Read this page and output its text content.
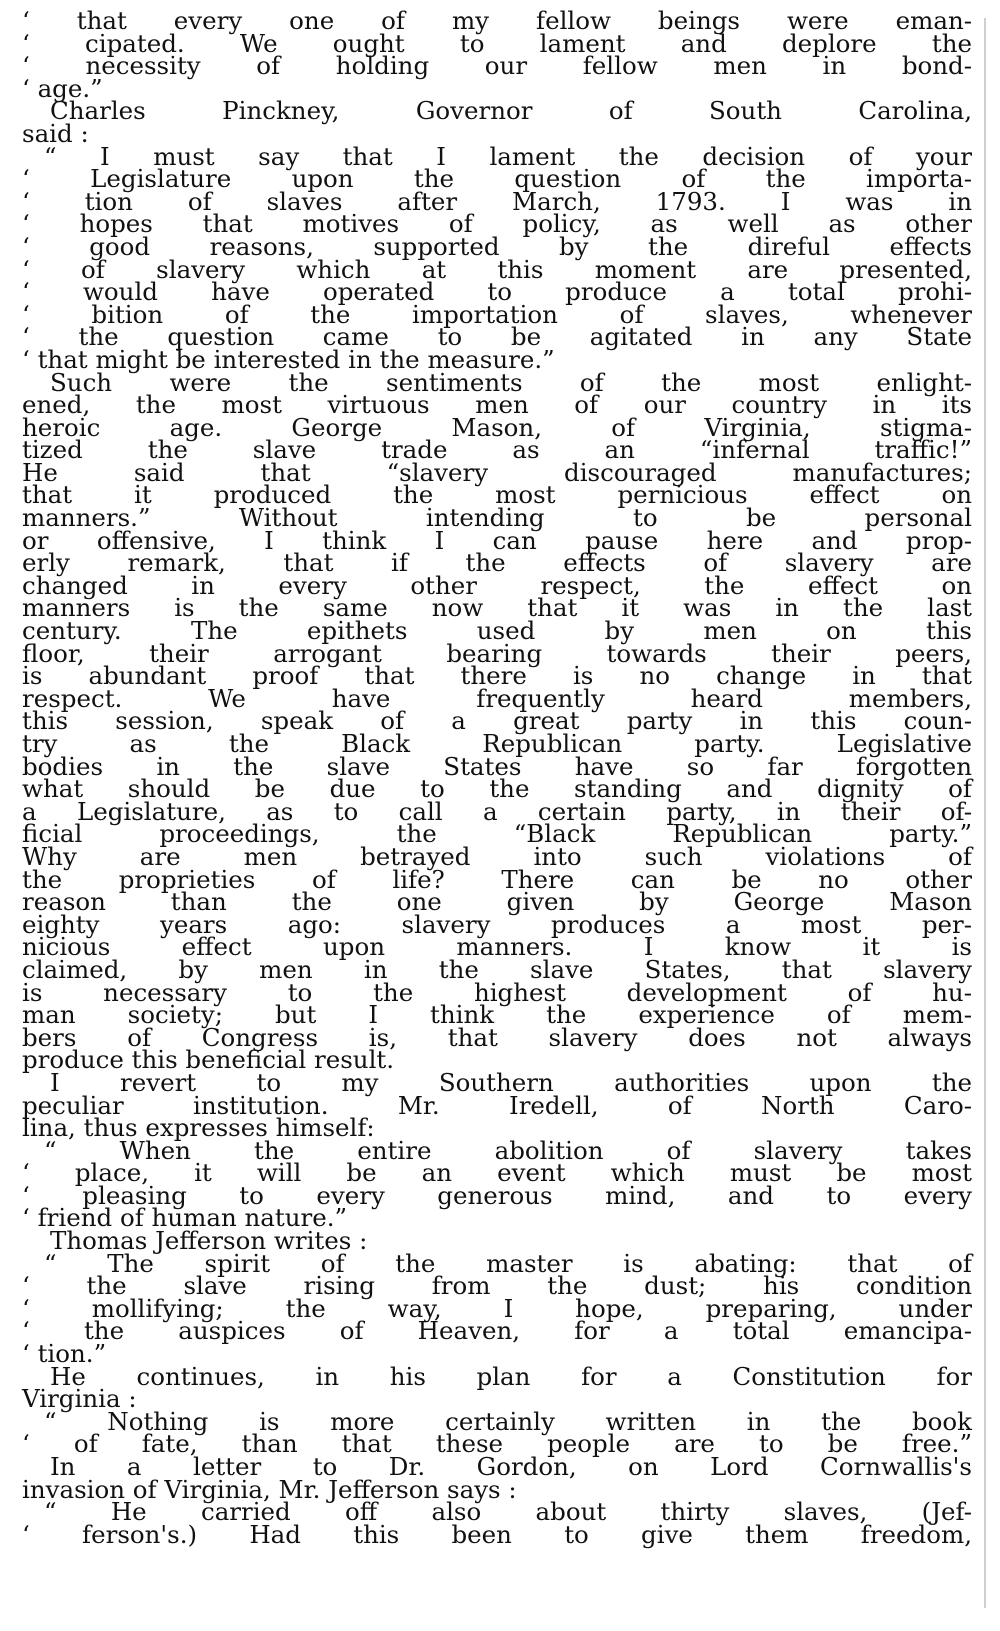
‘ that every one of my fellow beings were eman-
‘ cipated. We ought to lament and deplore the
‘ necessity of holding our fellow men in bond-
‘ age.”
Charles Pinckney, Governor of South Carolina,
said :
“ I must say that I lament the decision of your
‘ Legislature upon the question of the importa-
‘ tion of slaves after March, 1793. I was in
‘ hopes that motives of policy, as well as other
‘ good reasons, supported by the direful effects
‘ of slavery which at this moment are presented,
‘ would have operated to produce a total prohi-
‘ bition of the importation of slaves, whenever
‘ the question came to be agitated in any State
‘ that might be interested in the measure.”
Such were the sentiments of the most enlight-
ened, the most virtuous men of our country in its
heroic age. George Mason, of Virginia, stigma-
tized the slave trade as an “infernal traffic!”
He said that “slavery discouraged manufactures;
that it produced the most pernicious effect on
manners.” Without intending to be personal
or offensive, I think I can pause here and prop-
erly remark, that if the effects of slavery are
changed in every other respect, the effect on
manners is the same now that it was in the last
century. The epithets used by men on this
floor, their arrogant bearing towards their peers,
is abundant proof that there is no change in that
respect. We have frequently heard members,
this session, speak of a great party in this coun-
try as the Black Republican party. Legislative
bodies in the slave States have so far forgotten
what should be due to the standing and dignity of
a Legislature, as to call a certain party, in their of-
ficial proceedings, the “Black Republican party.”
Why are men betrayed into such violations of
the proprieties of life? There can be no other
reason than the one given by George Mason
eighty years ago: slavery produces a most per-
nicious effect upon manners. I know it is
claimed, by men in the slave States, that slavery
is necessary to the highest development of hu-
man society; but I think the experience of mem-
bers of Congress is, that slavery does not always
produce this beneficial result.
I revert to my Southern authorities upon the
peculiar institution. Mr. Iredell, of North Caro-
lina, thus expresses himself:
“ When the entire abolition of slavery takes
‘ place, it will be an event which must be most
‘ pleasing to every generous mind, and to every
‘ friend of human nature.”
Thomas Jefferson writes :
“ The spirit of the master is abating: that of
‘ the slave rising from the dust; his condition
‘ mollifying; the way, I hope, preparing, under
‘ the auspices of Heaven, for a total emancipa-
‘ tion.”
He continues, in his plan for a Constitution for
Virginia :
“ Nothing is more certainly written in the book
‘ of fate, than that these people are to be free.”
In a letter to Dr. Gordon, on Lord Cornwallis's
invasion of Virginia, Mr. Jefferson says :
“ He carried off also about thirty slaves, (Jef-
‘ ferson's.) Had this been to give them freedom,
